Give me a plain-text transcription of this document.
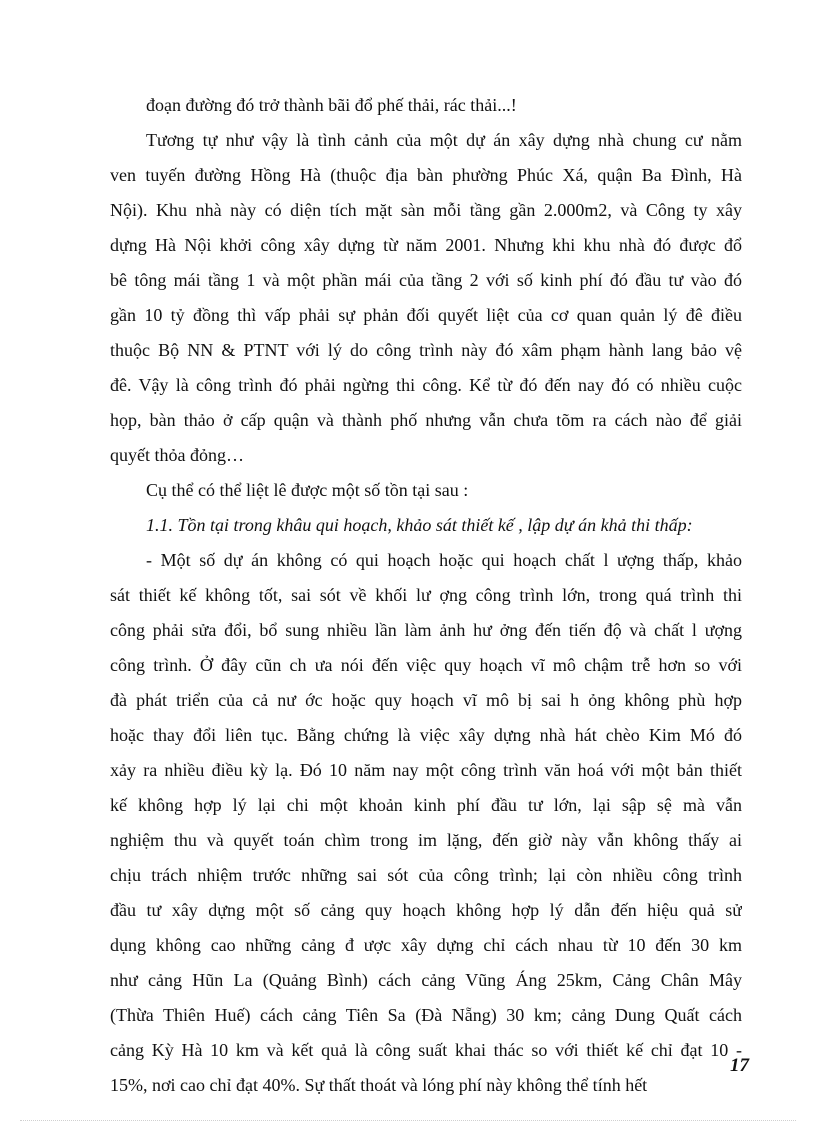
đoạn đường đó trở thành bãi đổ phế thải, rác thải...!
Tương tự như vậy là tình cảnh của một dự án xây dựng nhà chung cư nằm
ven tuyến đường Hồng Hà (thuộc địa bàn phường Phúc Xá, quận Ba Đình, Hà
Nội). Khu nhà này có diện tích mặt sàn mỗi tầng gần 2.000m2, và Công ty xây
dựng Hà Nội khởi công xây dựng từ năm 2001. Nhưng khi khu nhà đó được đổ
bê tông mái tầng 1 và một phần mái của tầng 2 với số kinh phí đó đầu tư vào đó
gần 10 tỷ đồng thì vấp phải sự phản đối quyết liệt của cơ quan quản lý đê điều
thuộc Bộ NN & PTNT với lý do công trình này đó xâm phạm hành lang bảo vệ
đê. Vậy là công trình đó phải ngừng thi công. Kể từ đó đến nay đó có nhiều cuộc
họp, bàn thảo ở cấp quận và thành phố nhưng vẫn chưa tõm ra cách nào để giải
quyết thỏa đỏng…
Cụ thể có thể liệt lê được một số tồn tại sau :
1.1. Tồn tại trong khâu qui hoạch, khảo sát thiết kế , lập dự án khả thi thấp:
- Một số dự án không có qui hoạch hoặc qui hoạch chất l ượng thấp, khảo
sát thiết kế không tốt, sai sót về khối lư ợng công trình lớn, trong quá trình thi
công phải sửa đổi, bổ sung nhiều lần làm ảnh hư ởng đến tiến độ và chất l ượng
công trình. Ở đây cũn ch ưa nói đến việc quy hoạch vĩ mô chậm trễ hơn so với
đà phát triển của cả nư ớc hoặc quy hoạch vĩ mô bị sai h ỏng không phù hợp
hoặc thay đổi liên tục. Bằng chứng là việc xây dựng nhà hát chèo Kim Mó đó
xảy ra nhiều điều kỳ lạ. Đó 10 năm nay một công trình văn hoá với một bản thiết
kế không hợp lý lại chi một khoản kinh phí đầu tư lớn, lại sập sệ mà vẫn
nghiệm thu và quyết toán chìm trong im lặng, đến giờ này vẫn không thấy ai
chịu trách nhiệm trước những sai sót của công trình; lại còn nhiều công trình
đầu tư xây dựng một số cảng quy hoạch không hợp lý dẫn đến hiệu quả sử
dụng không cao những cảng đ ược xây dựng chỉ cách nhau từ 10 đến 30 km
như cảng Hũn La (Quảng Bình) cách cảng Vũng Áng 25km, Cảng Chân Mây
(Thừa Thiên Huế) cách cảng Tiên Sa (Đà Nẵng) 30 km; cảng Dung Quất cách
cảng Kỳ Hà 10 km và kết quả là công suất khai thác so với thiết kế chỉ đạt 10 -
15%, nơi cao chỉ đạt 40%. Sự thất thoát và lóng phí này không thể tính hết
17
